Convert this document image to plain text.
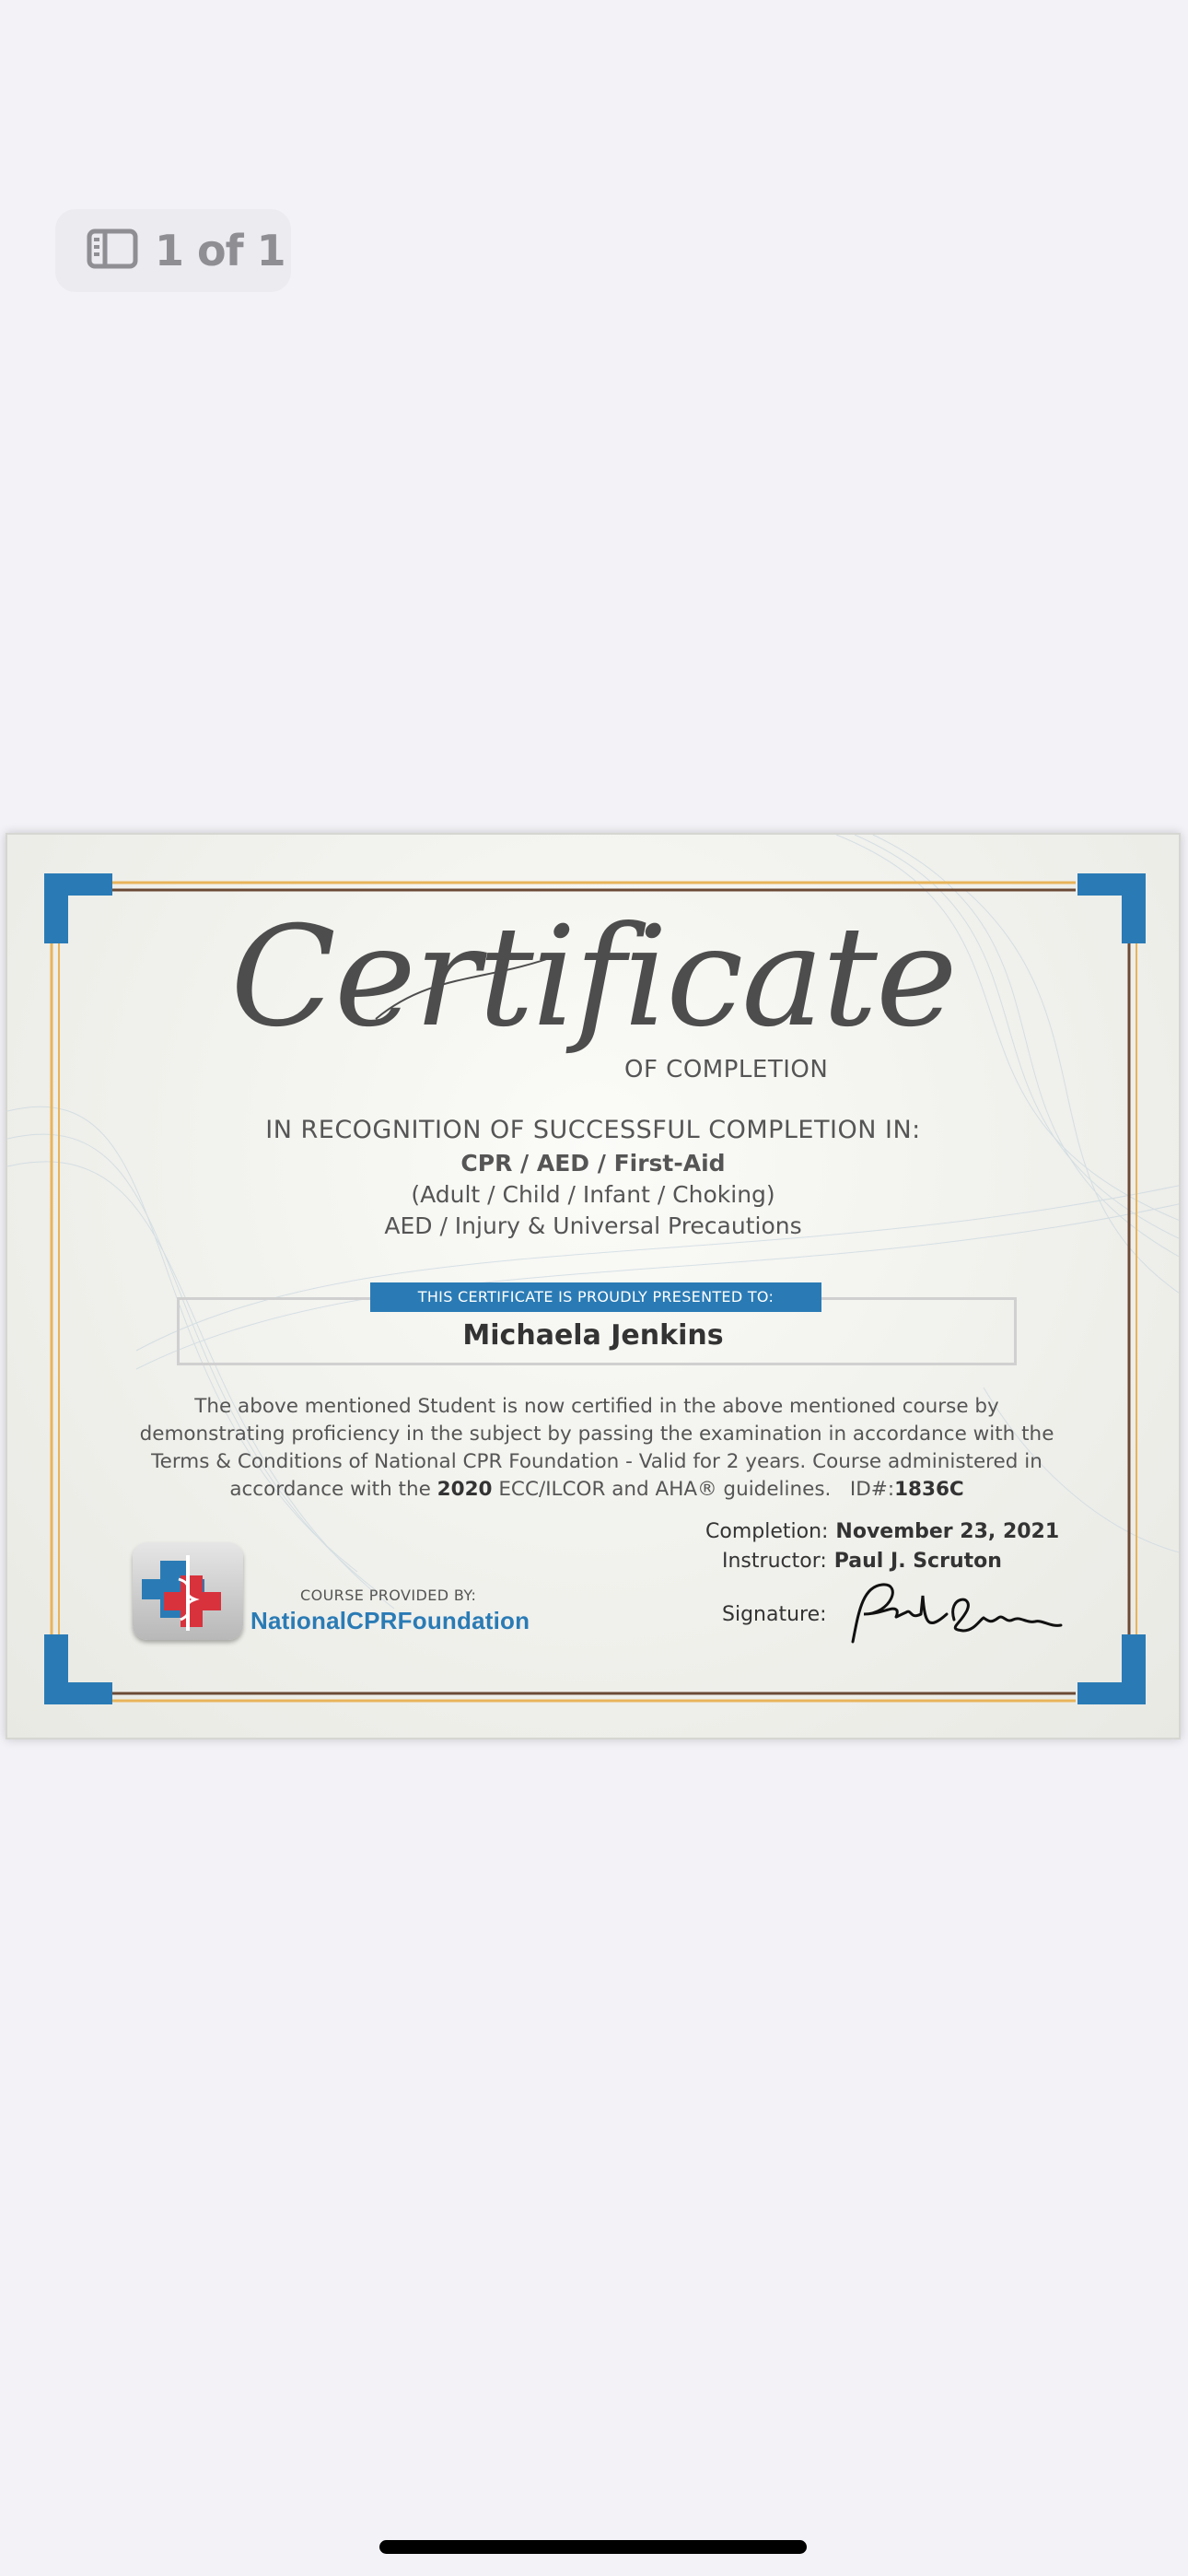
1 of 1
Certificate
OF COMPLETION
IN RECOGNITION OF SUCCESSFUL COMPLETION IN:
CPR / AED / First-Aid
(Adult / Child / Infant / Choking)
AED / Injury & Universal Precautions
THIS CERTIFICATE IS PROUDLY PRESENTED TO:
Michaela Jenkins
The above mentioned Student is now certified in the above mentioned course by
demonstrating proficiency in the subject by passing the examination in accordance with the
Terms & Conditions of National CPR Foundation - Valid for 2 years. Course administered in
accordance with the 2020 ECC/ILCOR and AHA® guidelines. ID#:1836C
COURSE PROVIDED BY:
NationalCPRFoundation
Completion: November 23, 2021
Instructor: Paul J. Scruton
Signature:
